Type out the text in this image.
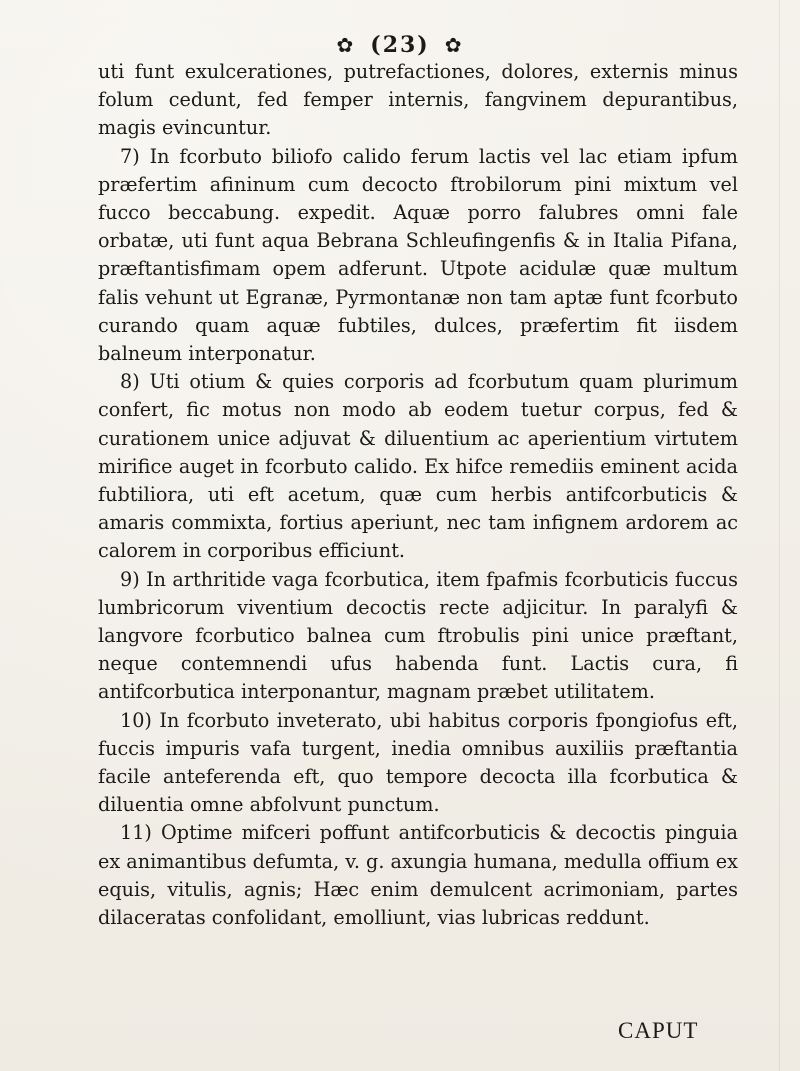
✿ (23) ✿

uti funt exulcerationes, putrefactiones, dolores, externis minus folum cedunt, fed femper internis, fangvinem depurantibus, magis evincuntur.

7) In fcorbuto biliofo calido ferum lactis vel lac etiam ipfum præfertim afininum cum decocto ftrobilorum pini mixtum vel fucco beccabung. expedit. Aquæ porro falubres omni fale orbatæ, uti funt aqua Bebrana Schleufingenfis & in Italia Pifana, præftantisfimam opem adferunt. Utpote acidulæ quæ multum falis vehunt ut Egranæ, Pyrmontanæ non tam aptæ funt fcorbuto curando quam aquæ fubtiles, dulces, præfertim fit iisdem balneum interponatur.

8) Uti otium & quies corporis ad fcorbutum quam plurimum confert, fic motus non modo ab eodem tuetur corpus, fed & curationem unice adjuvat & diluentium ac aperientium virtutem mirifice auget in fcorbuto calido. Ex hifce remediis eminent acida fubtiliora, uti eft acetum, quæ cum herbis antifcorbuticis & amaris commixta, fortius aperiunt, nec tam infignem ardorem ac calorem in corporibus efficiunt.

9) In arthritide vaga fcorbutica, item fpafmis fcorbuticis fuccus lumbricorum viventium decoctis recte adjicitur. In paralyfi & langvore fcorbutico balnea cum ftrobulis pini unice præftant, neque contemnendi ufus habenda funt. Lactis cura, fi antifcorbutica interponantur, magnam præbet utilitatem.

10) In fcorbuto inveterato, ubi habitus corporis fpongiofus eft, fuccis impuris vafa turgent, inedia omnibus auxiliis præftantia facile anteferenda eft, quo tempore decocta illa fcorbutica & diluentia omne abfolvunt punctum.

11) Optime mifceri poffunt antifcorbuticis & decoctis pinguia ex animantibus defumta, v. g. axungia humana, medulla offium ex equis, vitulis, agnis; Hæc enim demulcent acrimoniam, partes dilaceratas confolidant, emolliunt, vias lubricas reddunt.

CAPUT
